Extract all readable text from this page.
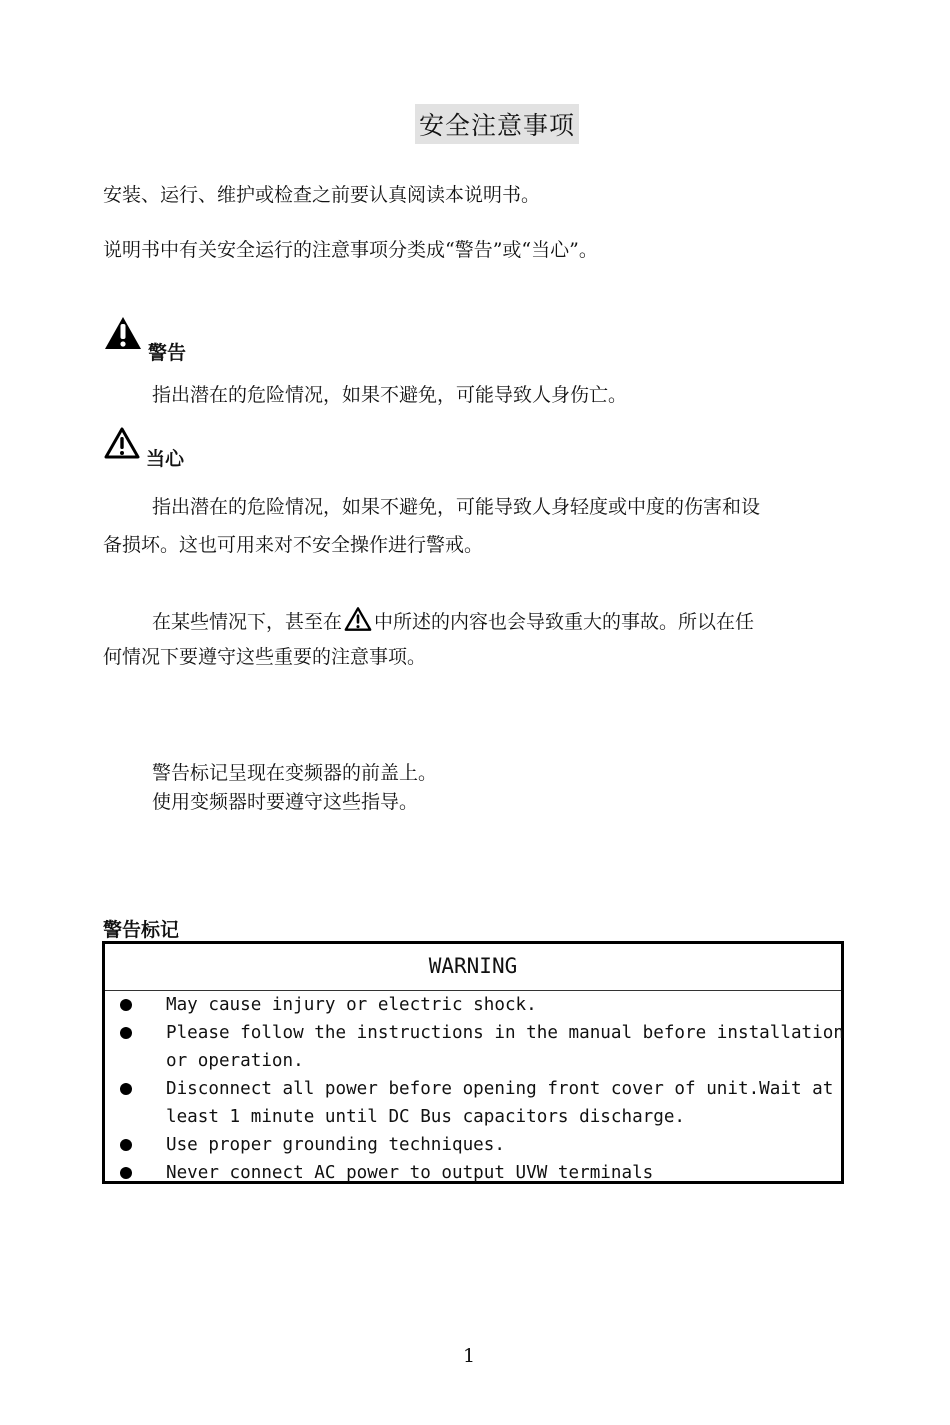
安全注意事项
安装、运行、维护或检查之前要认真阅读本说明书。
说明书中有关安全运行的注意事项分类成“警告”或“当心”。
警告
指出潜在的危险情况，如果不避免，可能导致人身伤亡。
当心
指出潜在的危险情况，如果不避免，可能导致人身轻度或中度的伤害和设
备损坏。这也可用来对不安全操作进行警戒。
在某些情况下，甚至在 中所述的内容也会导致重大的事故。所以在任
何情况下要遵守这些重要的注意事项。
警告标记呈现在变频器的前盖上。
使用变频器时要遵守这些指导。
警告标记
WARNING
May cause injury or electric shock.
Please follow the instructions in the manual before installation
or operation.
Disconnect all power before opening front cover of unit.Wait at
least 1 minute until DC Bus capacitors discharge.
Use proper grounding techniques.
Never connect AC power to output UVW terminals
1
